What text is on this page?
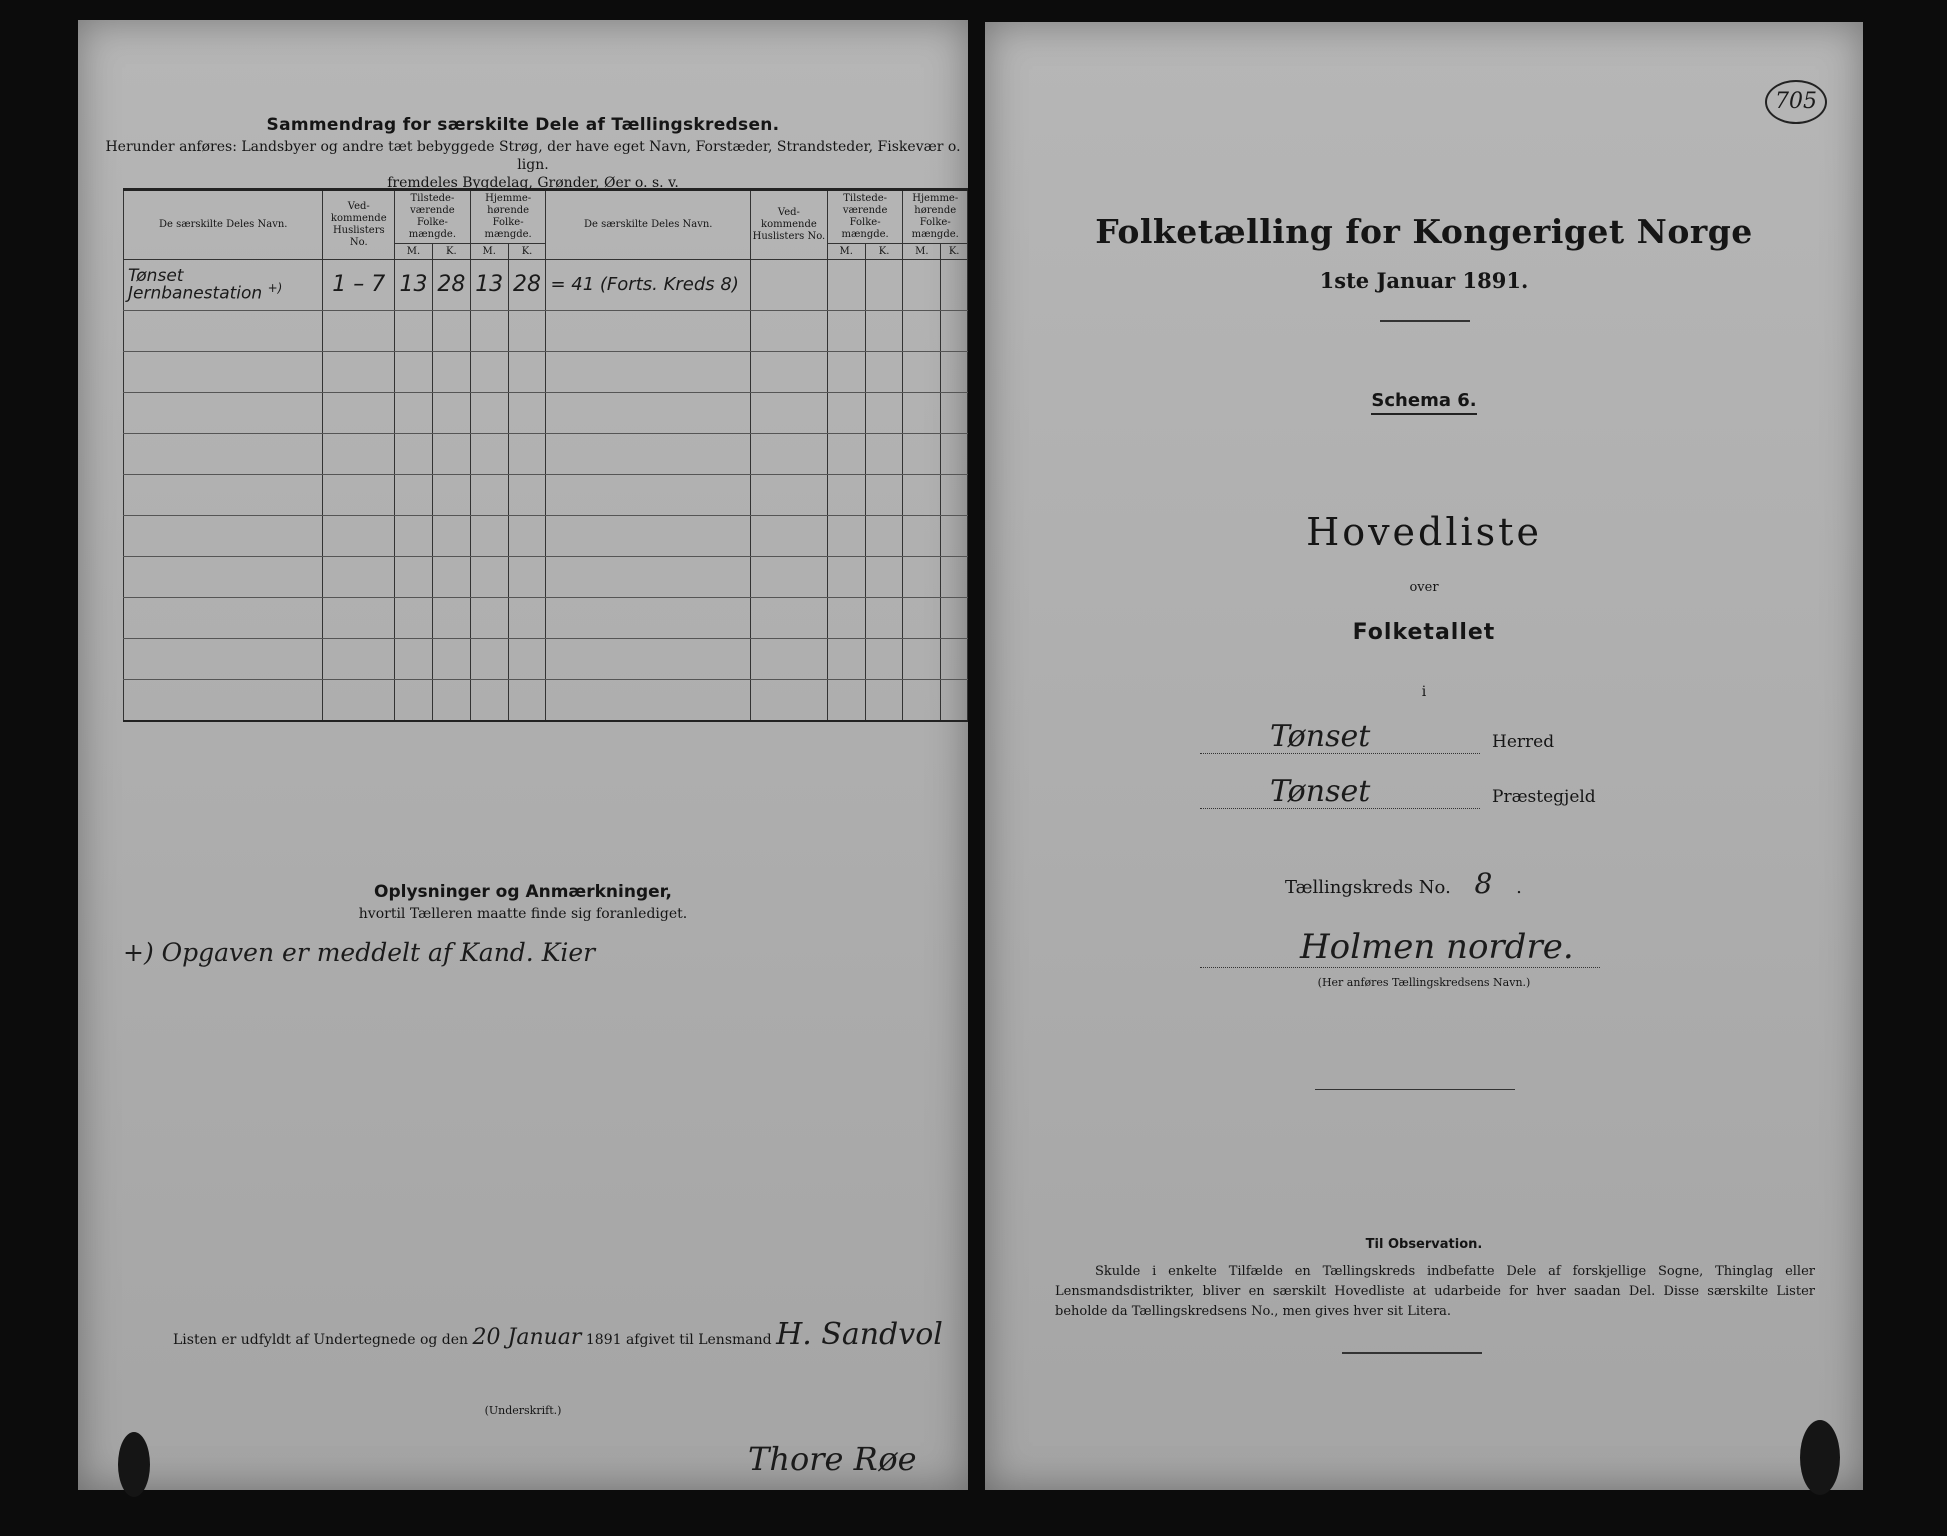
Sammendrag for særskilte Dele af Tællingskredsen.
Herunder anføres: Landsbyer og andre tæt bebyggede Strøg, der have eget Navn, Forstæder, Strandsteder, Fiskevær o. lign.
fremdeles Bygdelag, Grønder, Øer o. s. v.
De særskilte Deles Navn.	Ved-kommende Huslisters No.	Tilstede-værende Folke-mængde.		Hjemme-hørende Folke-mængde.		De særskilte Deles Navn.	Ved-kommende Huslisters No.	Tilstede-værende Folke-mængde.		Hjemme-hørende Folke-mængde.	
		M.	K.	M.	K.			M.	K.	M.	K.
Tønset Jernbanestation +)	1 – 7	13	28	13	28	= 41 (Forts. Kreds 8)					

Oplysninger og Anmærkninger,
hvortil Tælleren maatte finde sig foranlediget.
+) Opgaven er meddelt af Kand. Kier
Listen er udfyldt af Undertegnede og den 20 Januar 1891 afgivet til Lensmand H. Sandvol
(Underskrift.)
Thore Røe
705
Folketælling for Kongeriget Norge
1ste Januar 1891.
Schema 6.
Hovedliste
over
Folketallet
i
Tønset	Herred
Tønset	Præstegjeld
Tællingskreds No. 8 .
Holmen nordre.
(Her anføres Tællingskredsens Navn.)
Til Observation.
Skulde i enkelte Tilfælde en Tællingskreds indbefatte Dele af forskjellige Sogne, Thinglag eller Lensmandsdistrikter, bliver en særskilt Hovedliste at udarbeide for hver saadan Del. Disse særskilte Lister beholde da Tællingskredsens No., men gives hver sit Litera.
